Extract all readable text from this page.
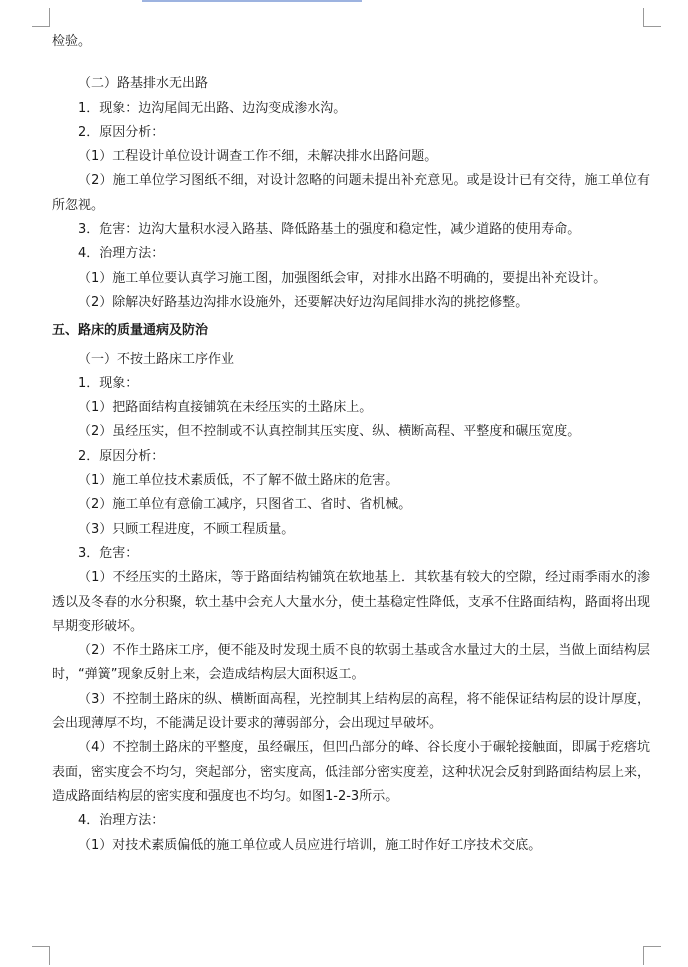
检验。

（二）路基排水无出路

1．现象：边沟尾闾无出路、边沟变成渗水沟。

2．原因分析：

（1）工程设计单位设计调查工作不细，未解决排水出路问题。

（2）施工单位学习图纸不细，对设计忽略的问题未提出补充意见。或是设计已有交待，施工单位有所忽视。

3．危害：边沟大量积水浸入路基、降低路基土的强度和稳定性，减少道路的使用寿命。

4．治理方法：

（1）施工单位要认真学习施工图，加强图纸会审，对排水出路不明确的，要提出补充设计。

（2）除解决好路基边沟排水设施外，还要解决好边沟尾闾排水沟的挑挖修整。

五、路床的质量通病及防治

（一）不按土路床工序作业

1．现象：

（1）把路面结构直接铺筑在未经压实的土路床上。

（2）虽经压实，但不控制或不认真控制其压实度、纵、横断高程、平整度和碾压宽度。

2．原因分析：

（1）施工单位技术素质低，不了解不做土路床的危害。

（2）施工单位有意偷工减序，只图省工、省时、省机械。

（3）只顾工程进度，不顾工程质量。

3．危害：

（1）不经压实的土路床，等于路面结构铺筑在软地基上．其软基有较大的空隙，经过雨季雨水的渗透以及冬春的水分积聚，软土基中会充人大量水分，使土基稳定性降低，支承不住路面结构，路面将出现早期变形破坏。

（2）不作土路床工序，便不能及时发现土质不良的软弱土基或含水量过大的土层，当做上面结构层时，“弹簧”现象反射上来，会造成结构层大面积返工。

（3）不控制土路床的纵、横断面高程，光控制其上结构层的高程，将不能保证结构层的设计厚度，会出现薄厚不均，不能满足设计要求的薄弱部分，会出现过早破坏。

（4）不控制土路床的平整度，虽经碾压，但凹凸部分的峰、谷长度小于碾轮接触面，即属于疙瘩坑表面，密实度会不均匀，突起部分，密实度高，低洼部分密实度差，这种状况会反射到路面结构层上来，造成路面结构层的密实度和强度也不均匀。如图1-2-3所示。

4．治理方法：

（1）对技术素质偏低的施工单位或人员应进行培训，施工时作好工序技术交底。
